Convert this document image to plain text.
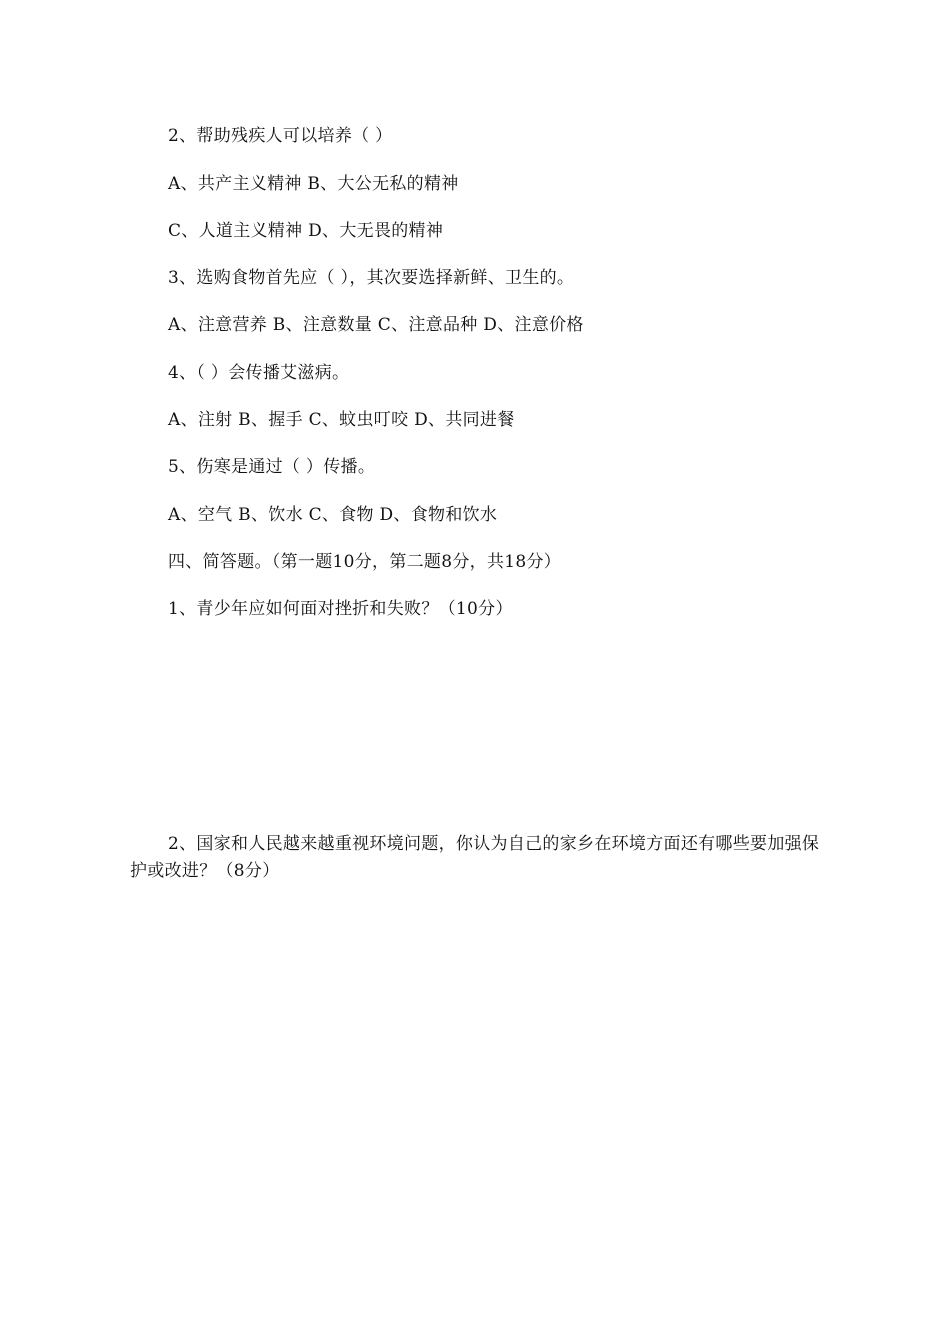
2、帮助残疾人可以培养（ ）
A、共产主义精神 B、大公无私的精神
C、人道主义精神 D、大无畏的精神
3、选购食物首先应（ ），其次要选择新鲜、卫生的。
A、注意营养 B、注意数量 C、注意品种 D、注意价格
4、（ ）会传播艾滋病。
A、注射 B、握手 C、蚊虫叮咬 D、共同进餐
5、伤寒是通过（ ）传播。
A、空气 B、饮水 C、食物 D、食物和饮水
四、简答题。（第一题10分，第二题8分，共18分）
1、青少年应如何面对挫折和失败？（10分）
2、国家和人民越来越重视环境问题，你认为自己的家乡在环境方面还有哪些要加强保护或改进？（8分）
